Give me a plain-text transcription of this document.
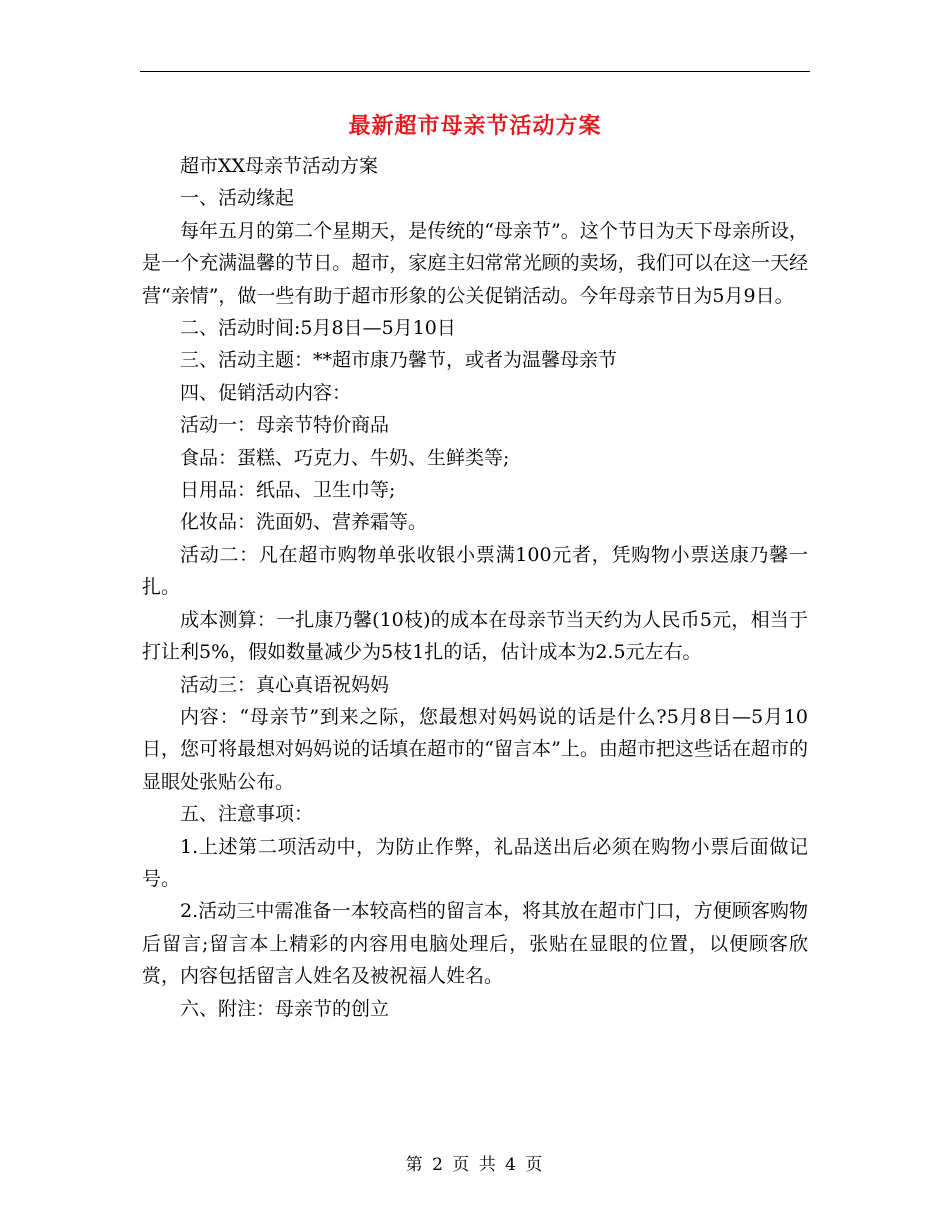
最新超市母亲节活动方案

超市XX母亲节活动方案

一、活动缘起

每年五月的第二个星期天，是传统的“母亲节”。这个节日为天下母亲所设，是一个充满温馨的节日。超市，家庭主妇常常光顾的卖场，我们可以在这一天经营“亲情”，做一些有助于超市形象的公关促销活动。今年母亲节日为5月9日。

二、活动时间:5月8日—5月10日

三、活动主题：**超市康乃馨节，或者为温馨母亲节

四、促销活动内容：

活动一：母亲节特价商品

食品：蛋糕、巧克力、牛奶、生鲜类等;

日用品：纸品、卫生巾等;

化妆品：洗面奶、营养霜等。

活动二：凡在超市购物单张收银小票满100元者，凭购物小票送康乃馨一扎。

成本测算：一扎康乃馨(10枝)的成本在母亲节当天约为人民币5元，相当于打让利5%，假如数量减少为5枝1扎的话，估计成本为2.5元左右。

活动三：真心真语祝妈妈

内容：“母亲节”到来之际，您最想对妈妈说的话是什么?5月8日—5月10日，您可将最想对妈妈说的话填在超市的“留言本”上。由超市把这些话在超市的显眼处张贴公布。

五、注意事项：

1.上述第二项活动中，为防止作弊，礼品送出后必须在购物小票后面做记号。

2.活动三中需准备一本较高档的留言本，将其放在超市门口，方便顾客购物后留言;留言本上精彩的内容用电脑处理后，张贴在显眼的位置，以便顾客欣赏，内容包括留言人姓名及被祝福人姓名。

六、附注：母亲节的创立

第 2 页 共 4 页
